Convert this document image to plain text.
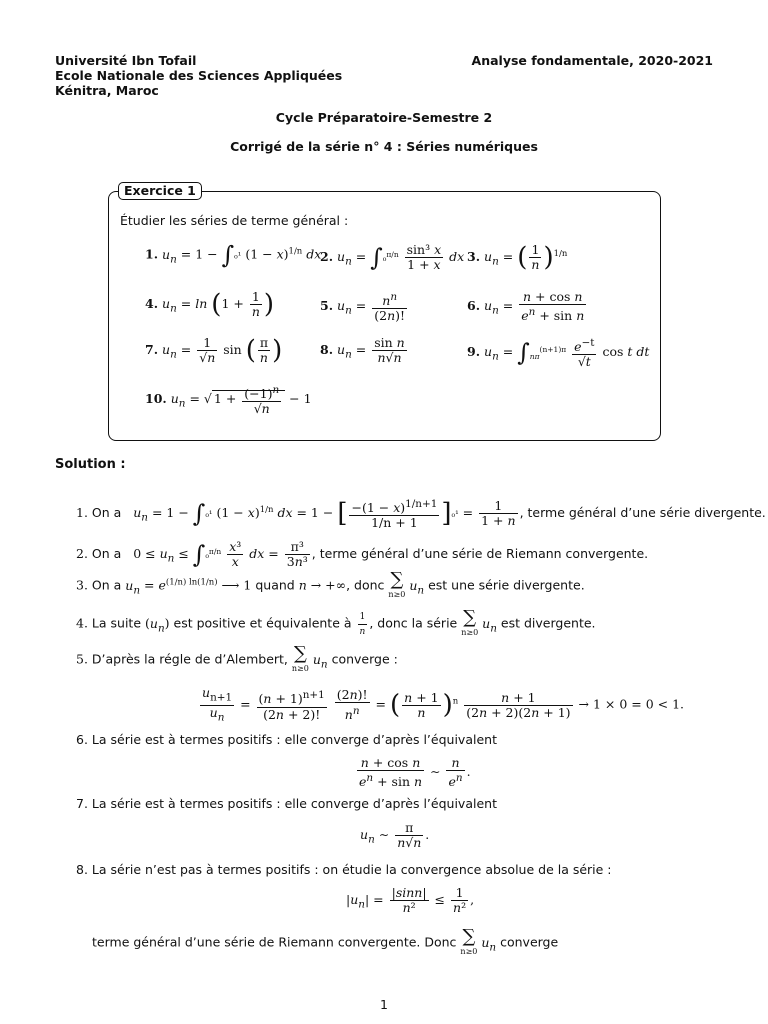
Université Ibn Tofail
Ecole Nationale des Sciences Appliquées
Kénitra, Maroc
Analyse fondamentale, 2020-2021
Cycle Préparatoire-Semestre 2
Corrigé de la série n° 4 : Séries numériques
Exercice 1
Étudier les séries de terme général :
1. $u_n = 1 - \int_0^1$ $(1 - x)^{1/n}$ dx
2. $u_n = \int_0^{\pi/n} \frac{\text{sin³ x}}{1 + x}$ dx 3. $u_n$ = ( $\frac{1}{n} )^{1/n}$
4. $u_n = \ln (1 + \frac{1}{n}$ )	5. $u_n = \frac{n^n}{(2n)!}$	6. $u_n = \frac{\text{n + cos n}}{e^n + \sin n}$
7. $u_n = \frac{1}{√n}$ sin ( $\frac{\pi}{n}$ )	8. $u_n = \frac{\text{sin n}}{n√n}$	9. $u_n = \int_{n\pi}^{(n+1)\pi} \frac{e^{-t}}{√t}$ cos t dt
10. $u_n$ = √ $1 + \frac{(-1)^n}{√n} - 1$
Solution :
1. On a $u_n = 1 - \int_0^1$ $(1 - x)^{1/n}$ dx = 1 − [ $\frac{-(1 - x)^{1/n+1}}{1/n + 1} ]_0^1 = \frac{1}{1 + n}$ , terme général d’une série divergente.
2. On a   $0 \le u_n \le \int_0^{\pi/n} \frac{\text{x³}}{x}$ dx = $\frac{\text{π³}}{\text{3n³}}$ , terme général d’une série de Riemann convergente.
3. On a $u_n = e^{(1/n) ln(1/n)}$ ⟶ 1 quand n → +∞, donc ∑
n≥0
$u_n$ est une série divergente.
4. La suite $(u_n)$ est positive et équivalente à $\frac{1}{n}$ , donc la série ∑
n≥0
$u_n$ est divergente.
5. D’après la régle de d’Alembert, ∑
n≥0
$u_n$ converge :
$\frac{u_{n+1}}{u_n} = \frac{(n + 1)^{n+1}}{(2n + 2)!}$
$\frac{(2n)!}{n^n}$ = ( $\frac{n + 1}{n} )^n \frac{n + 1}{(2n + 2)(2n + 1)} \to 1 \times 0 = 0 < 1$.
6. La série est à termes positifs : elle converge d’après l’équivalent
$\frac{\text{n + cos n}}{e^n + \sin n}$ ∼ $\frac{n}{e^n}$ .
7. La série est à termes positifs : elle converge d’après l’équivalent
$u_n$ ∼ $\frac{\pi}{n√n}$ .
8. La série n’est pas à termes positifs : on étudie la convergence absolue de la série :
$|u_n| = \frac{|\sin n|}{\text{n²}} \le \frac{1}{\text{n²}}$ ,
terme général d’une série de Riemann convergente. Donc ∑
n≥0
$u_n$ converge
1
